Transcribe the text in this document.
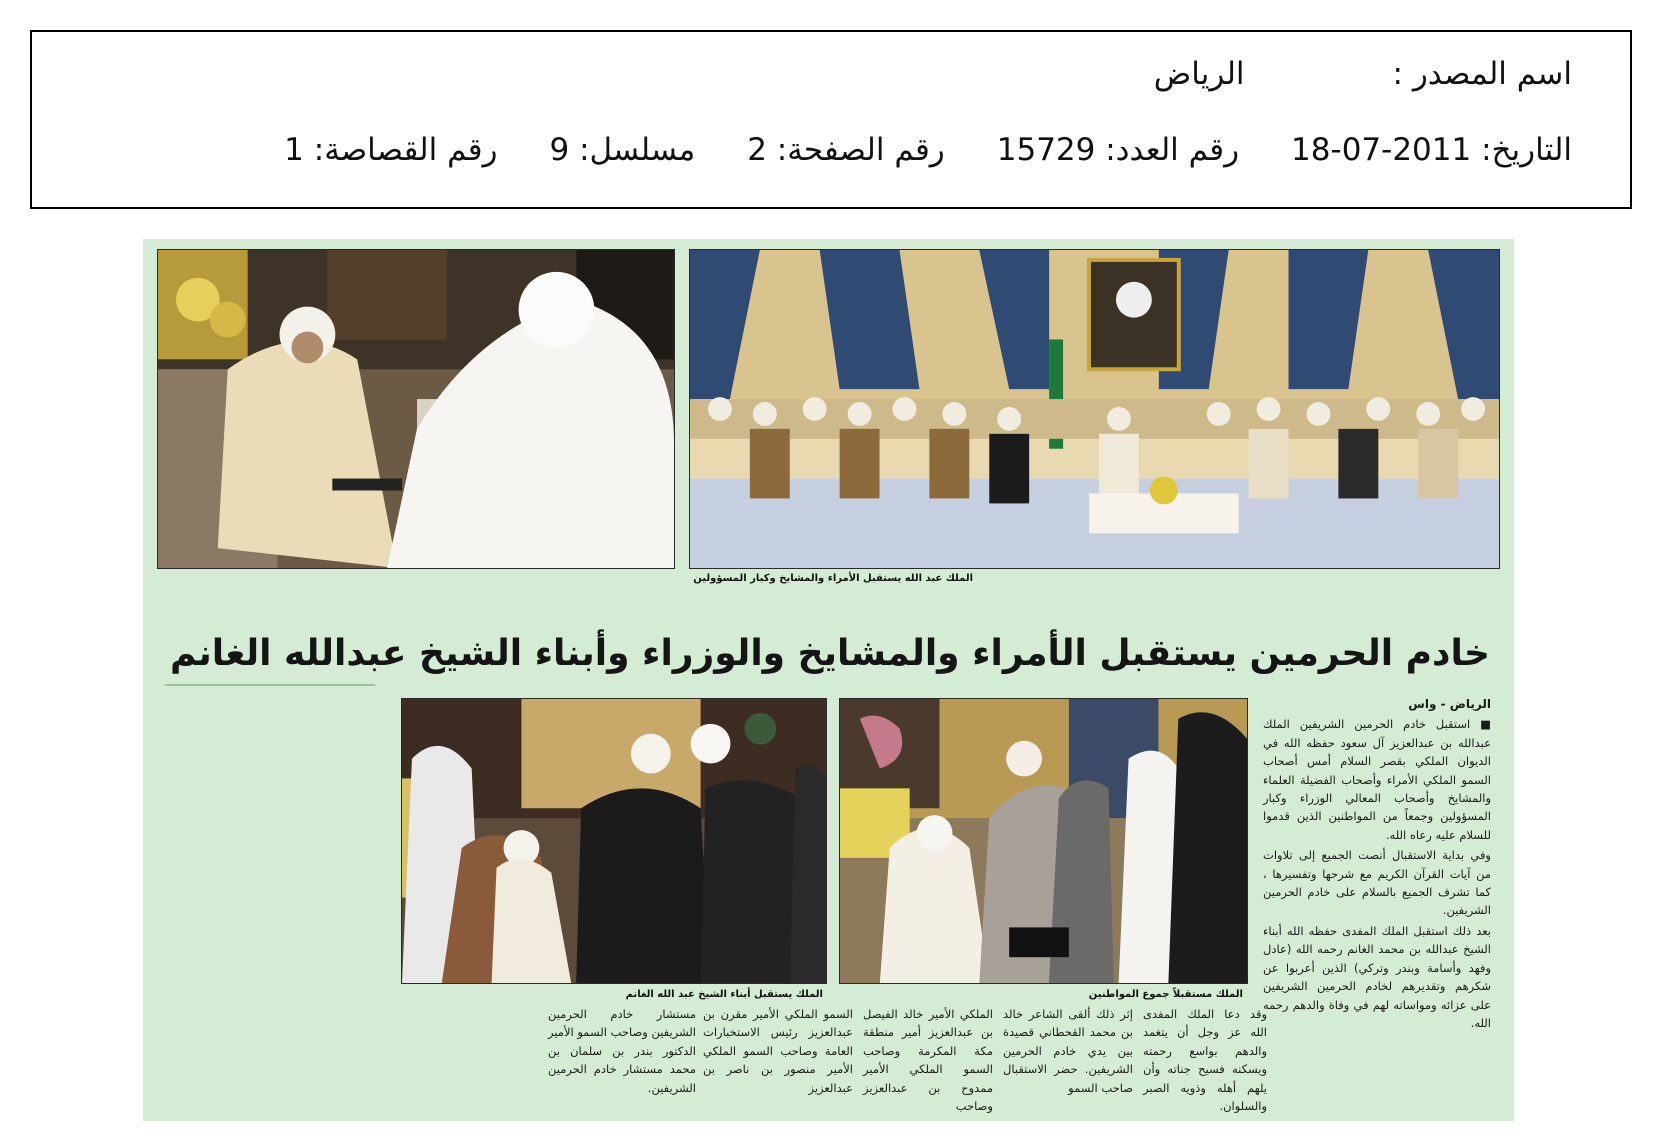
اسم المصدر :الرياض
التاريخ: 2011-07-18رقم العدد: 15729رقم الصفحة: 2مسلسل: 9رقم القصاصة: 1
الملك عبد الله يستقبل الأمراء والمشايخ وكبار المسؤولين
خادم الحرمين يستقبل الأمراء والمشايخ والوزراء وأبناء الشيخ عبدالله الغانم
الملك يستقبل أبناء الشيخ عبد الله الغانم	الملك مستقبلاً جموع المواطنين

الرياض - واس

■ استقبل خادم الحرمين الشريفين الملك عبدالله بن عبدالعزيز آل سعود حفظه الله في الديوان الملكي بقصر السلام أمس أصحاب السمو الملكي الأمراء وأصحاب الفضيلة العلماء والمشايخ وأصحاب المعالي الوزراء وكبار المسؤولين وجمعاً من المواطنين الذين قدموا للسلام عليه رعاه الله.

وفي بداية الاستقبال أنصت الجميع إلى تلاوات من آيات القرآن الكريم مع شرحها وتفسيرها ، كما تشرف الجميع بالسلام على خادم الحرمين الشريفين.

بعد ذلك استقبل الملك المفدى حفظه الله أبناء الشيخ عبدالله بن محمد الغانم رحمه الله (عادل وفهد وأسامة وبندر وتركي) الذين أعربوا عن شكرهم وتقديرهم لخادم الحرمين الشريفين على عزائه ومواساته لهم في وفاة والدهم رحمه الله.

وقد دعا الملك المفدى الله عز وجل أن يتغمد والدهم بواسع رحمته ويسكنه فسيح جناته وأن يلهم أهله وذويه الصبر والسلوان.

إثر ذلك ألقى الشاعر خالد بن محمد القحطاني قصيدة بين يدي خادم الحرمين الشريفين. حضر الاستقبال صاحب السمو

الملكي الأمير خالد الفيصل بن عبدالعزيز أمير منطقة مكة المكرمة وصاحب السمو الملكي الأمير ممدوح بن عبدالعزيز وصاحب

السمو الملكي الأمير مقرن بن عبدالعزيز رئيس الاستخبارات العامة وصاحب السمو الملكي الأمير منصور بن ناصر بن عبدالعزيز

مستشار خادم الحرمين الشريفين وصاحب السمو الأمير الدكتور بندر بن سلمان بن محمد مستشار خادم الحرمين الشريفين.
